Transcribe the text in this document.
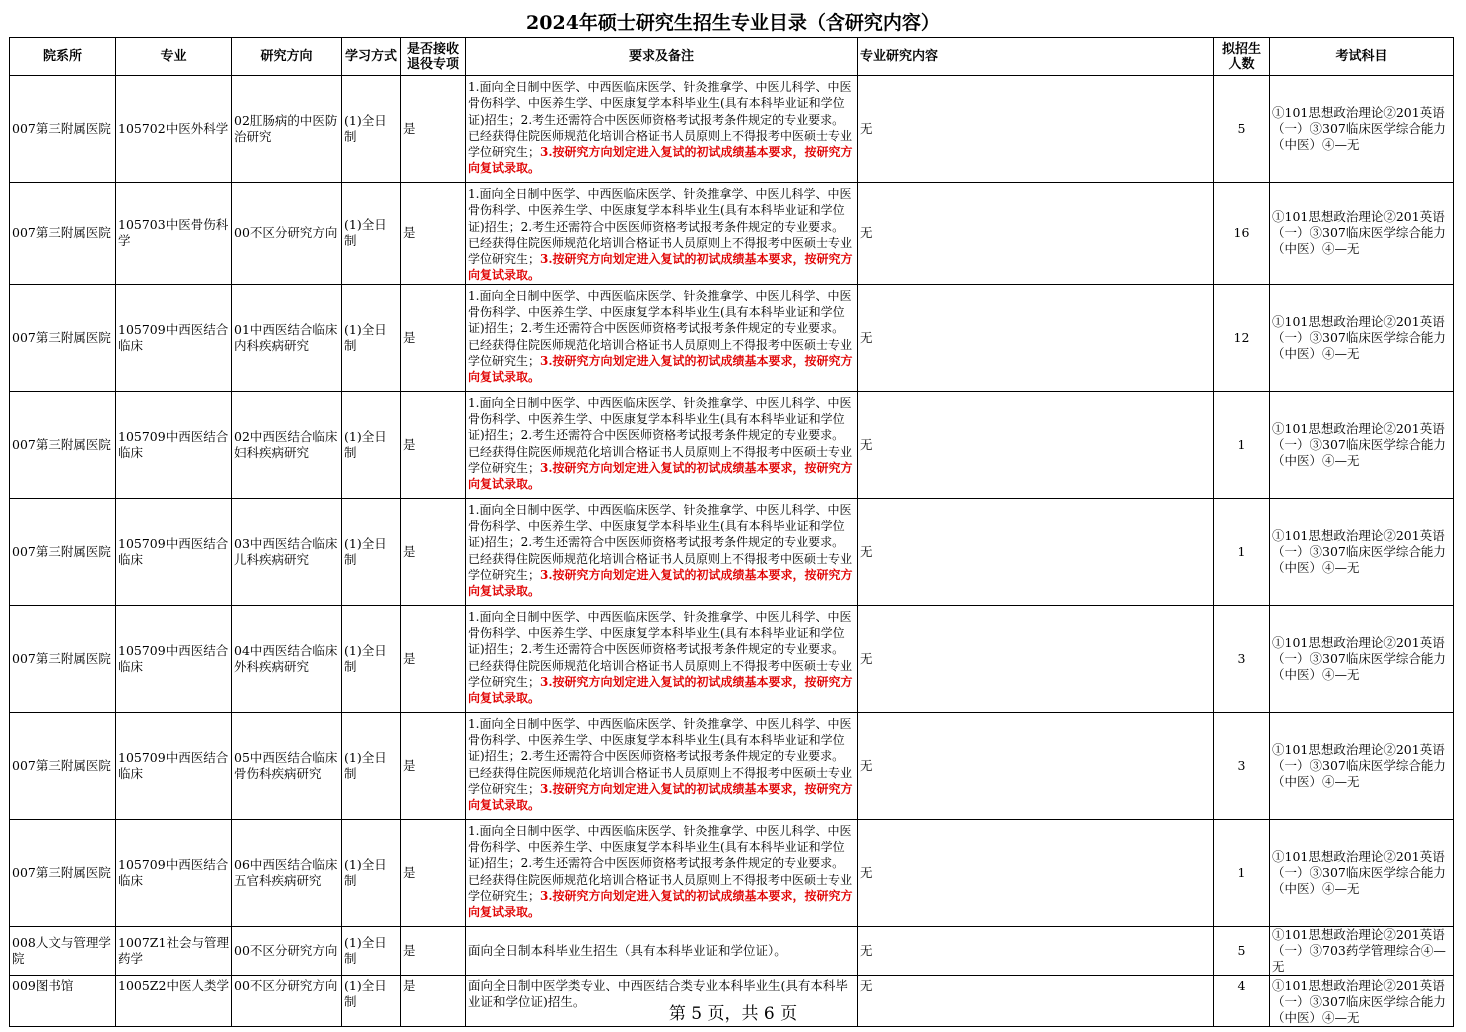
2024年硕士研究生招生专业目录（含研究内容）
院系所	专业	研究方向	学习方式	是否接收退役专项	要求及备注	专业研究内容	拟招生人数	考试科目
007第三附属医院	105702中医外科学	02肛肠病的中医防治研究	(1)全日制	是	1.面向全日制中医学、中西医临床医学、针灸推拿学、中医儿科学、中医骨伤科学、中医养生学、中医康复学本科毕业生(具有本科毕业证和学位证)招生；2.考生还需符合中医医师资格考试报考条件规定的专业要求。已经获得住院医师规范化培训合格证书人员原则上不得报考中医硕士专业学位研究生；3.按研究方向划定进入复试的初试成绩基本要求，按研究方向复试录取。	无	5	①101思想政治理论②201英语（一）③307临床医学综合能力（中医）④—无
007第三附属医院	105703中医骨伤科学	00不区分研究方向	(1)全日制	是	1.面向全日制中医学、中西医临床医学、针灸推拿学、中医儿科学、中医骨伤科学、中医养生学、中医康复学本科毕业生(具有本科毕业证和学位证)招生；2.考生还需符合中医医师资格考试报考条件规定的专业要求。已经获得住院医师规范化培训合格证书人员原则上不得报考中医硕士专业学位研究生；3.按研究方向划定进入复试的初试成绩基本要求，按研究方向复试录取。	无	16	①101思想政治理论②201英语（一）③307临床医学综合能力（中医）④—无
007第三附属医院	105709中西医结合临床	01中西医结合临床内科疾病研究	(1)全日制	是	1.面向全日制中医学、中西医临床医学、针灸推拿学、中医儿科学、中医骨伤科学、中医养生学、中医康复学本科毕业生(具有本科毕业证和学位证)招生；2.考生还需符合中医医师资格考试报考条件规定的专业要求。已经获得住院医师规范化培训合格证书人员原则上不得报考中医硕士专业学位研究生；3.按研究方向划定进入复试的初试成绩基本要求，按研究方向复试录取。	无	12	①101思想政治理论②201英语（一）③307临床医学综合能力（中医）④—无
007第三附属医院	105709中西医结合临床	02中西医结合临床妇科疾病研究	(1)全日制	是	1.面向全日制中医学、中西医临床医学、针灸推拿学、中医儿科学、中医骨伤科学、中医养生学、中医康复学本科毕业生(具有本科毕业证和学位证)招生；2.考生还需符合中医医师资格考试报考条件规定的专业要求。已经获得住院医师规范化培训合格证书人员原则上不得报考中医硕士专业学位研究生；3.按研究方向划定进入复试的初试成绩基本要求，按研究方向复试录取。	无	1	①101思想政治理论②201英语（一）③307临床医学综合能力（中医）④—无
007第三附属医院	105709中西医结合临床	03中西医结合临床儿科疾病研究	(1)全日制	是	1.面向全日制中医学、中西医临床医学、针灸推拿学、中医儿科学、中医骨伤科学、中医养生学、中医康复学本科毕业生(具有本科毕业证和学位证)招生；2.考生还需符合中医医师资格考试报考条件规定的专业要求。已经获得住院医师规范化培训合格证书人员原则上不得报考中医硕士专业学位研究生；3.按研究方向划定进入复试的初试成绩基本要求，按研究方向复试录取。	无	1	①101思想政治理论②201英语（一）③307临床医学综合能力（中医）④—无
007第三附属医院	105709中西医结合临床	04中西医结合临床外科疾病研究	(1)全日制	是	1.面向全日制中医学、中西医临床医学、针灸推拿学、中医儿科学、中医骨伤科学、中医养生学、中医康复学本科毕业生(具有本科毕业证和学位证)招生；2.考生还需符合中医医师资格考试报考条件规定的专业要求。已经获得住院医师规范化培训合格证书人员原则上不得报考中医硕士专业学位研究生；3.按研究方向划定进入复试的初试成绩基本要求，按研究方向复试录取。	无	3	①101思想政治理论②201英语（一）③307临床医学综合能力（中医）④—无
007第三附属医院	105709中西医结合临床	05中西医结合临床骨伤科疾病研究	(1)全日制	是	1.面向全日制中医学、中西医临床医学、针灸推拿学、中医儿科学、中医骨伤科学、中医养生学、中医康复学本科毕业生(具有本科毕业证和学位证)招生；2.考生还需符合中医医师资格考试报考条件规定的专业要求。已经获得住院医师规范化培训合格证书人员原则上不得报考中医硕士专业学位研究生；3.按研究方向划定进入复试的初试成绩基本要求，按研究方向复试录取。	无	3	①101思想政治理论②201英语（一）③307临床医学综合能力（中医）④—无
007第三附属医院	105709中西医结合临床	06中西医结合临床五官科疾病研究	(1)全日制	是	1.面向全日制中医学、中西医临床医学、针灸推拿学、中医儿科学、中医骨伤科学、中医养生学、中医康复学本科毕业生(具有本科毕业证和学位证)招生；2.考生还需符合中医医师资格考试报考条件规定的专业要求。已经获得住院医师规范化培训合格证书人员原则上不得报考中医硕士专业学位研究生；3.按研究方向划定进入复试的初试成绩基本要求，按研究方向复试录取。	无	1	①101思想政治理论②201英语（一）③307临床医学综合能力（中医）④—无
008人文与管理学院	1007Z1社会与管理药学	00不区分研究方向	(1)全日制	是	面向全日制本科毕业生招生（具有本科毕业证和学位证）。	无	5	①101思想政治理论②201英语（一）③703药学管理综合④—无
009图书馆	1005Z2中医人类学	00不区分研究方向	(1)全日制	是	面向全日制中医学类专业、中西医结合类专业本科毕业生(具有本科毕业证和学位证)招生。	无	4	①101思想政治理论②201英语（一）③307临床医学综合能力（中医）④—无
第 5 页，共 6 页
